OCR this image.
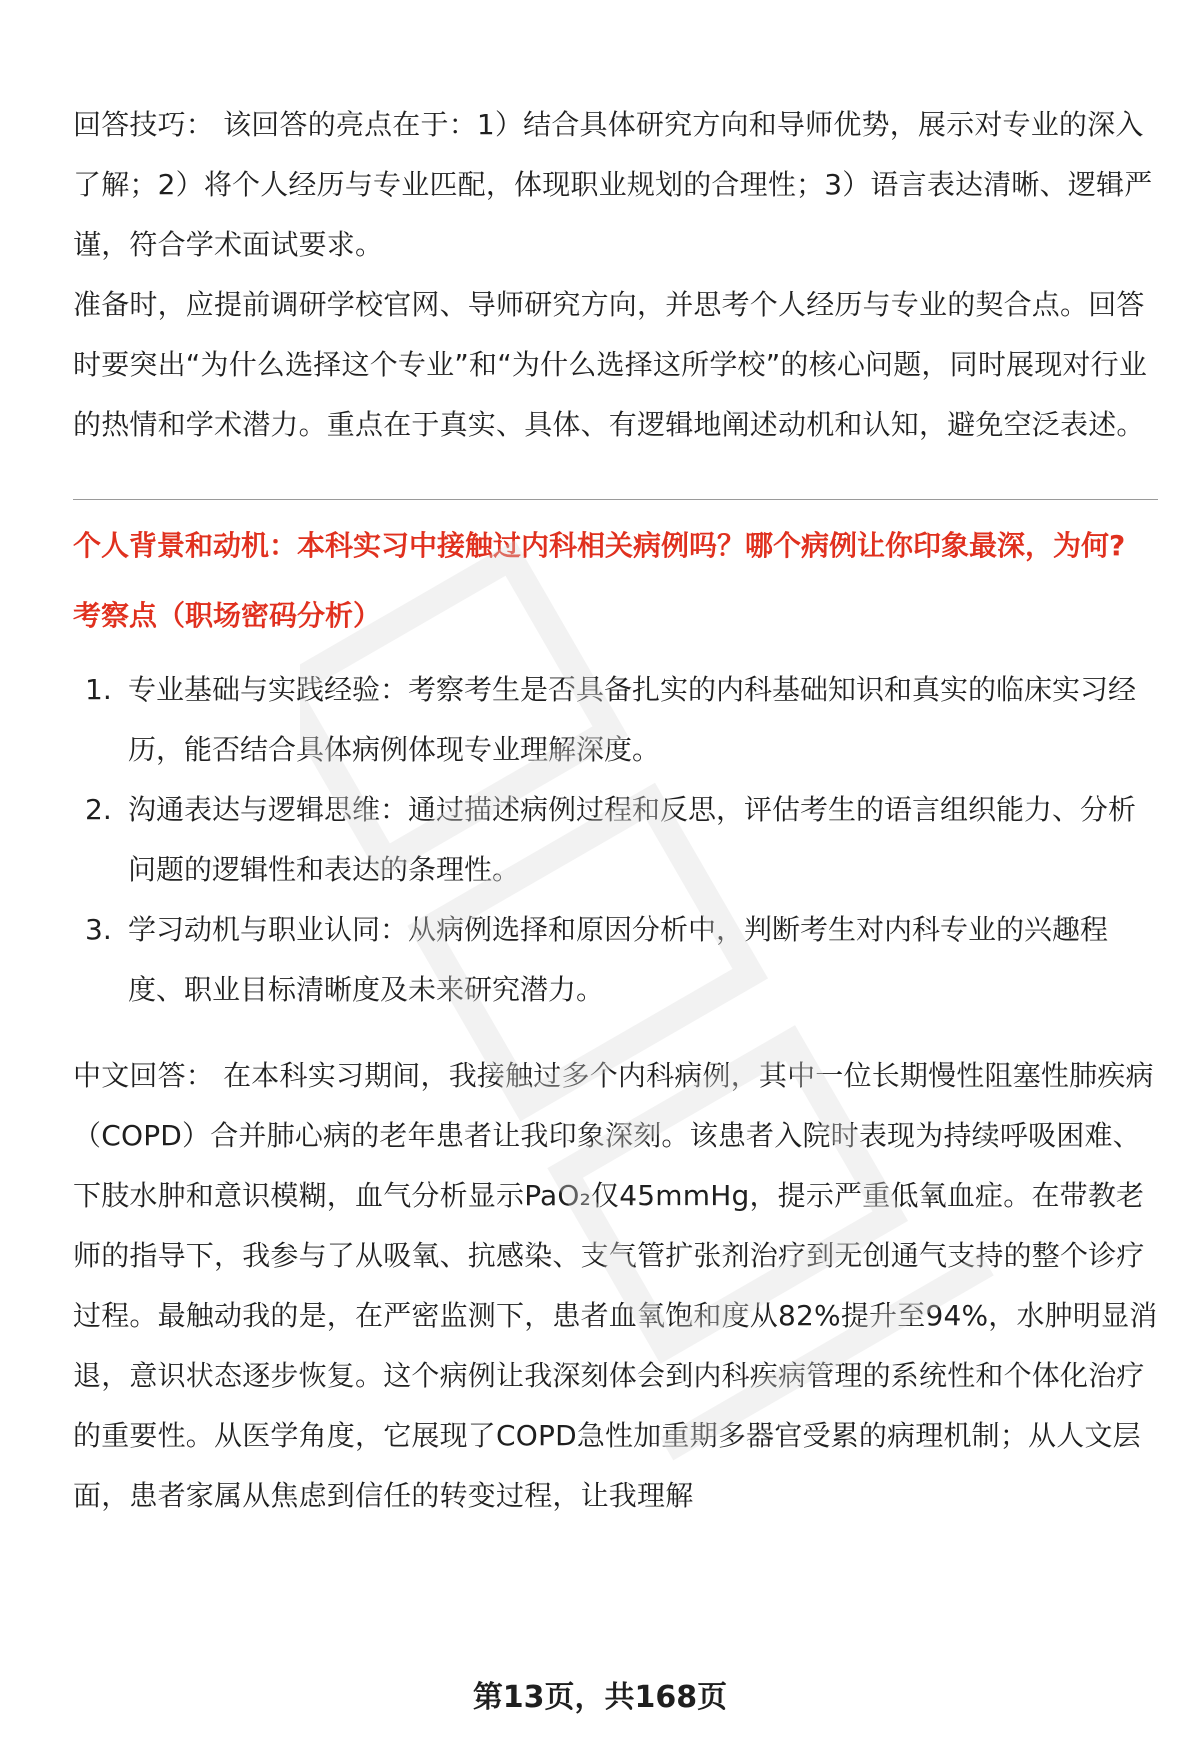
回答技巧： 该回答的亮点在于：1）结合具体研究方向和导师优势，展示对专业的深入了解；2）将个人经历与专业匹配，体现职业规划的合理性；3）语言表达清晰、逻辑严谨，符合学术面试要求。

准备时，应提前调研学校官网、导师研究方向，并思考个人经历与专业的契合点。回答时要突出“为什么选择这个专业”和“为什么选择这所学校”的核心问题，同时展现对行业的热情和学术潜力。重点在于真实、具体、有逻辑地阐述动机和认知，避免空泛表述。

个人背景和动机：本科实习中接触过内科相关病例吗？哪个病例让你印象最深，为何?
考察点（职场密码分析）
1. 专业基础与实践经验：考察考生是否具备扎实的内科基础知识和真实的临床实习经历，能否结合具体病例体现专业理解深度。
2. 沟通表达与逻辑思维：通过描述病例过程和反思，评估考生的语言组织能力、分析问题的逻辑性和表达的条理性。
3. 学习动机与职业认同：从病例选择和原因分析中，判断考生对内科专业的兴趣程度、职业目标清晰度及未来研究潜力。

中文回答： 在本科实习期间，我接触过多个内科病例，其中一位长期慢性阻塞性肺疾病（COPD）合并肺心病的老年患者让我印象深刻。该患者入院时表现为持续呼吸困难、下肢水肿和意识模糊，血气分析显示PaO₂仅45mmHg，提示严重低氧血症。在带教老师的指导下，我参与了从吸氧、抗感染、支气管扩张剂治疗到无创通气支持的整个诊疗过程。最触动我的是，在严密监测下，患者血氧饱和度从82%提升至94%，水肿明显消退，意识状态逐步恢复。这个病例让我深刻体会到内科疾病管理的系统性和个体化治疗的重要性。从医学角度，它展现了COPD急性加重期多器官受累的病理机制；从人文层面，患者家属从焦虑到信任的转变过程，让我理解

第13页，共168页
